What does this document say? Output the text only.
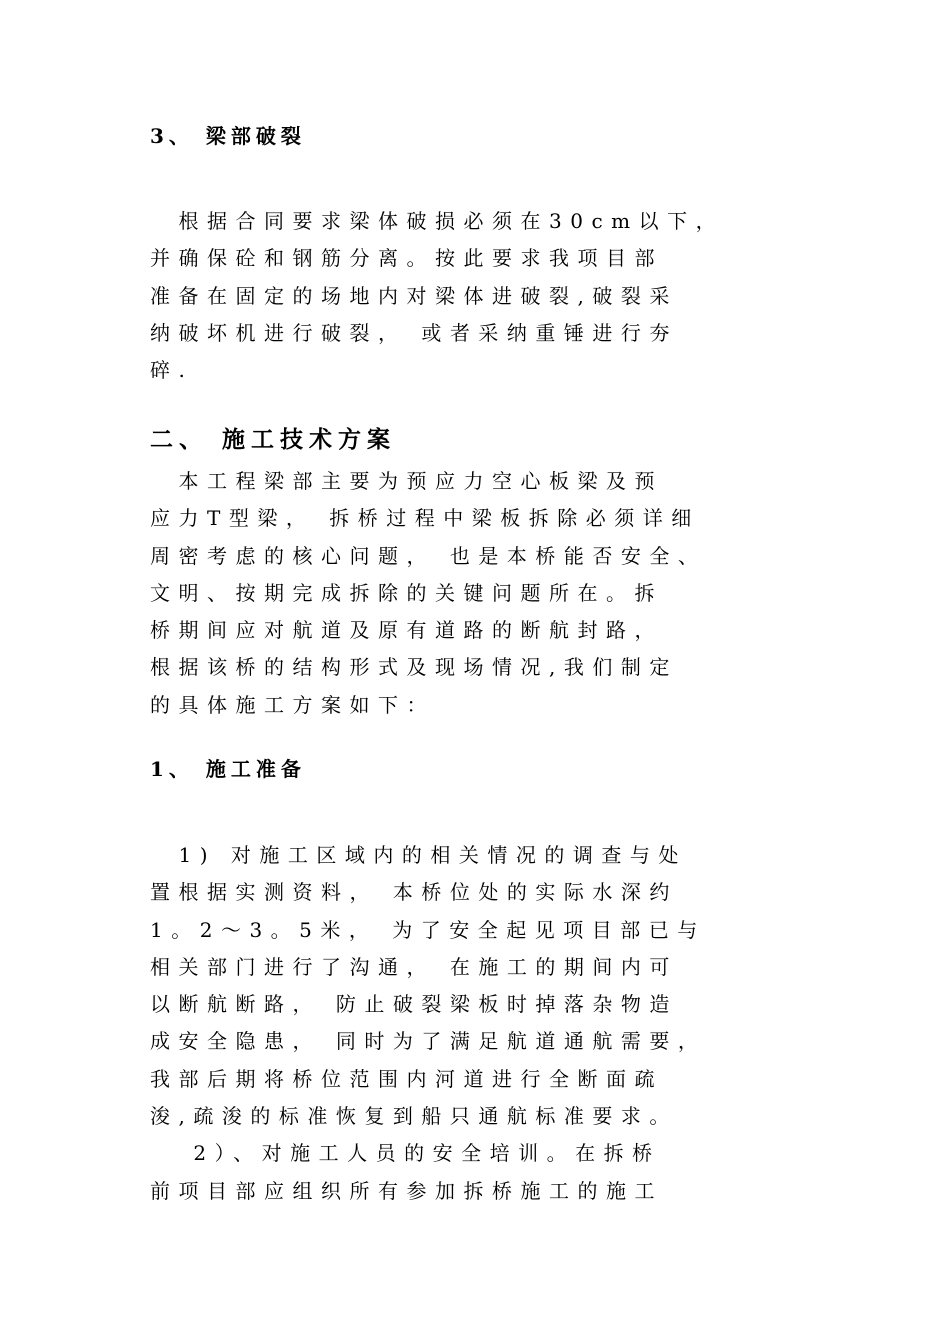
3、 梁部破裂
　根据合同要求梁体破损必须在30cm以下，
并确保砼和钢筋分离。按此要求我项目部
准备在固定的场地内对梁体进破裂,破裂采
纳破坏机进行破裂， 或者采纳重锤进行夯
碎.
二、 施工技术方案
　本工程梁部主要为预应力空心板梁及预
应力T型梁， 拆桥过程中梁板拆除必须详细
周密考虑的核心问题， 也是本桥能否安全、
文明、按期完成拆除的关键问题所在。拆
桥期间应对航道及原有道路的断航封路，
根据该桥的结构形式及现场情况,我们制定
的具体施工方案如下：
1、 施工准备
　1) 对施工区域内的相关情况的调查与处
置根据实测资料， 本桥位处的实际水深约
1。2～3。5米， 为了安全起见项目部已与
相关部门进行了沟通， 在施工的期间内可
以断航断路， 防止破裂梁板时掉落杂物造
成安全隐患， 同时为了满足航道通航需要，
我部后期将桥位范围内河道进行全断面疏
浚,疏浚的标准恢复到船只通航标准要求。
　 2）、对施工人员的安全培训。在拆桥
前项目部应组织所有参加拆桥施工的施工
